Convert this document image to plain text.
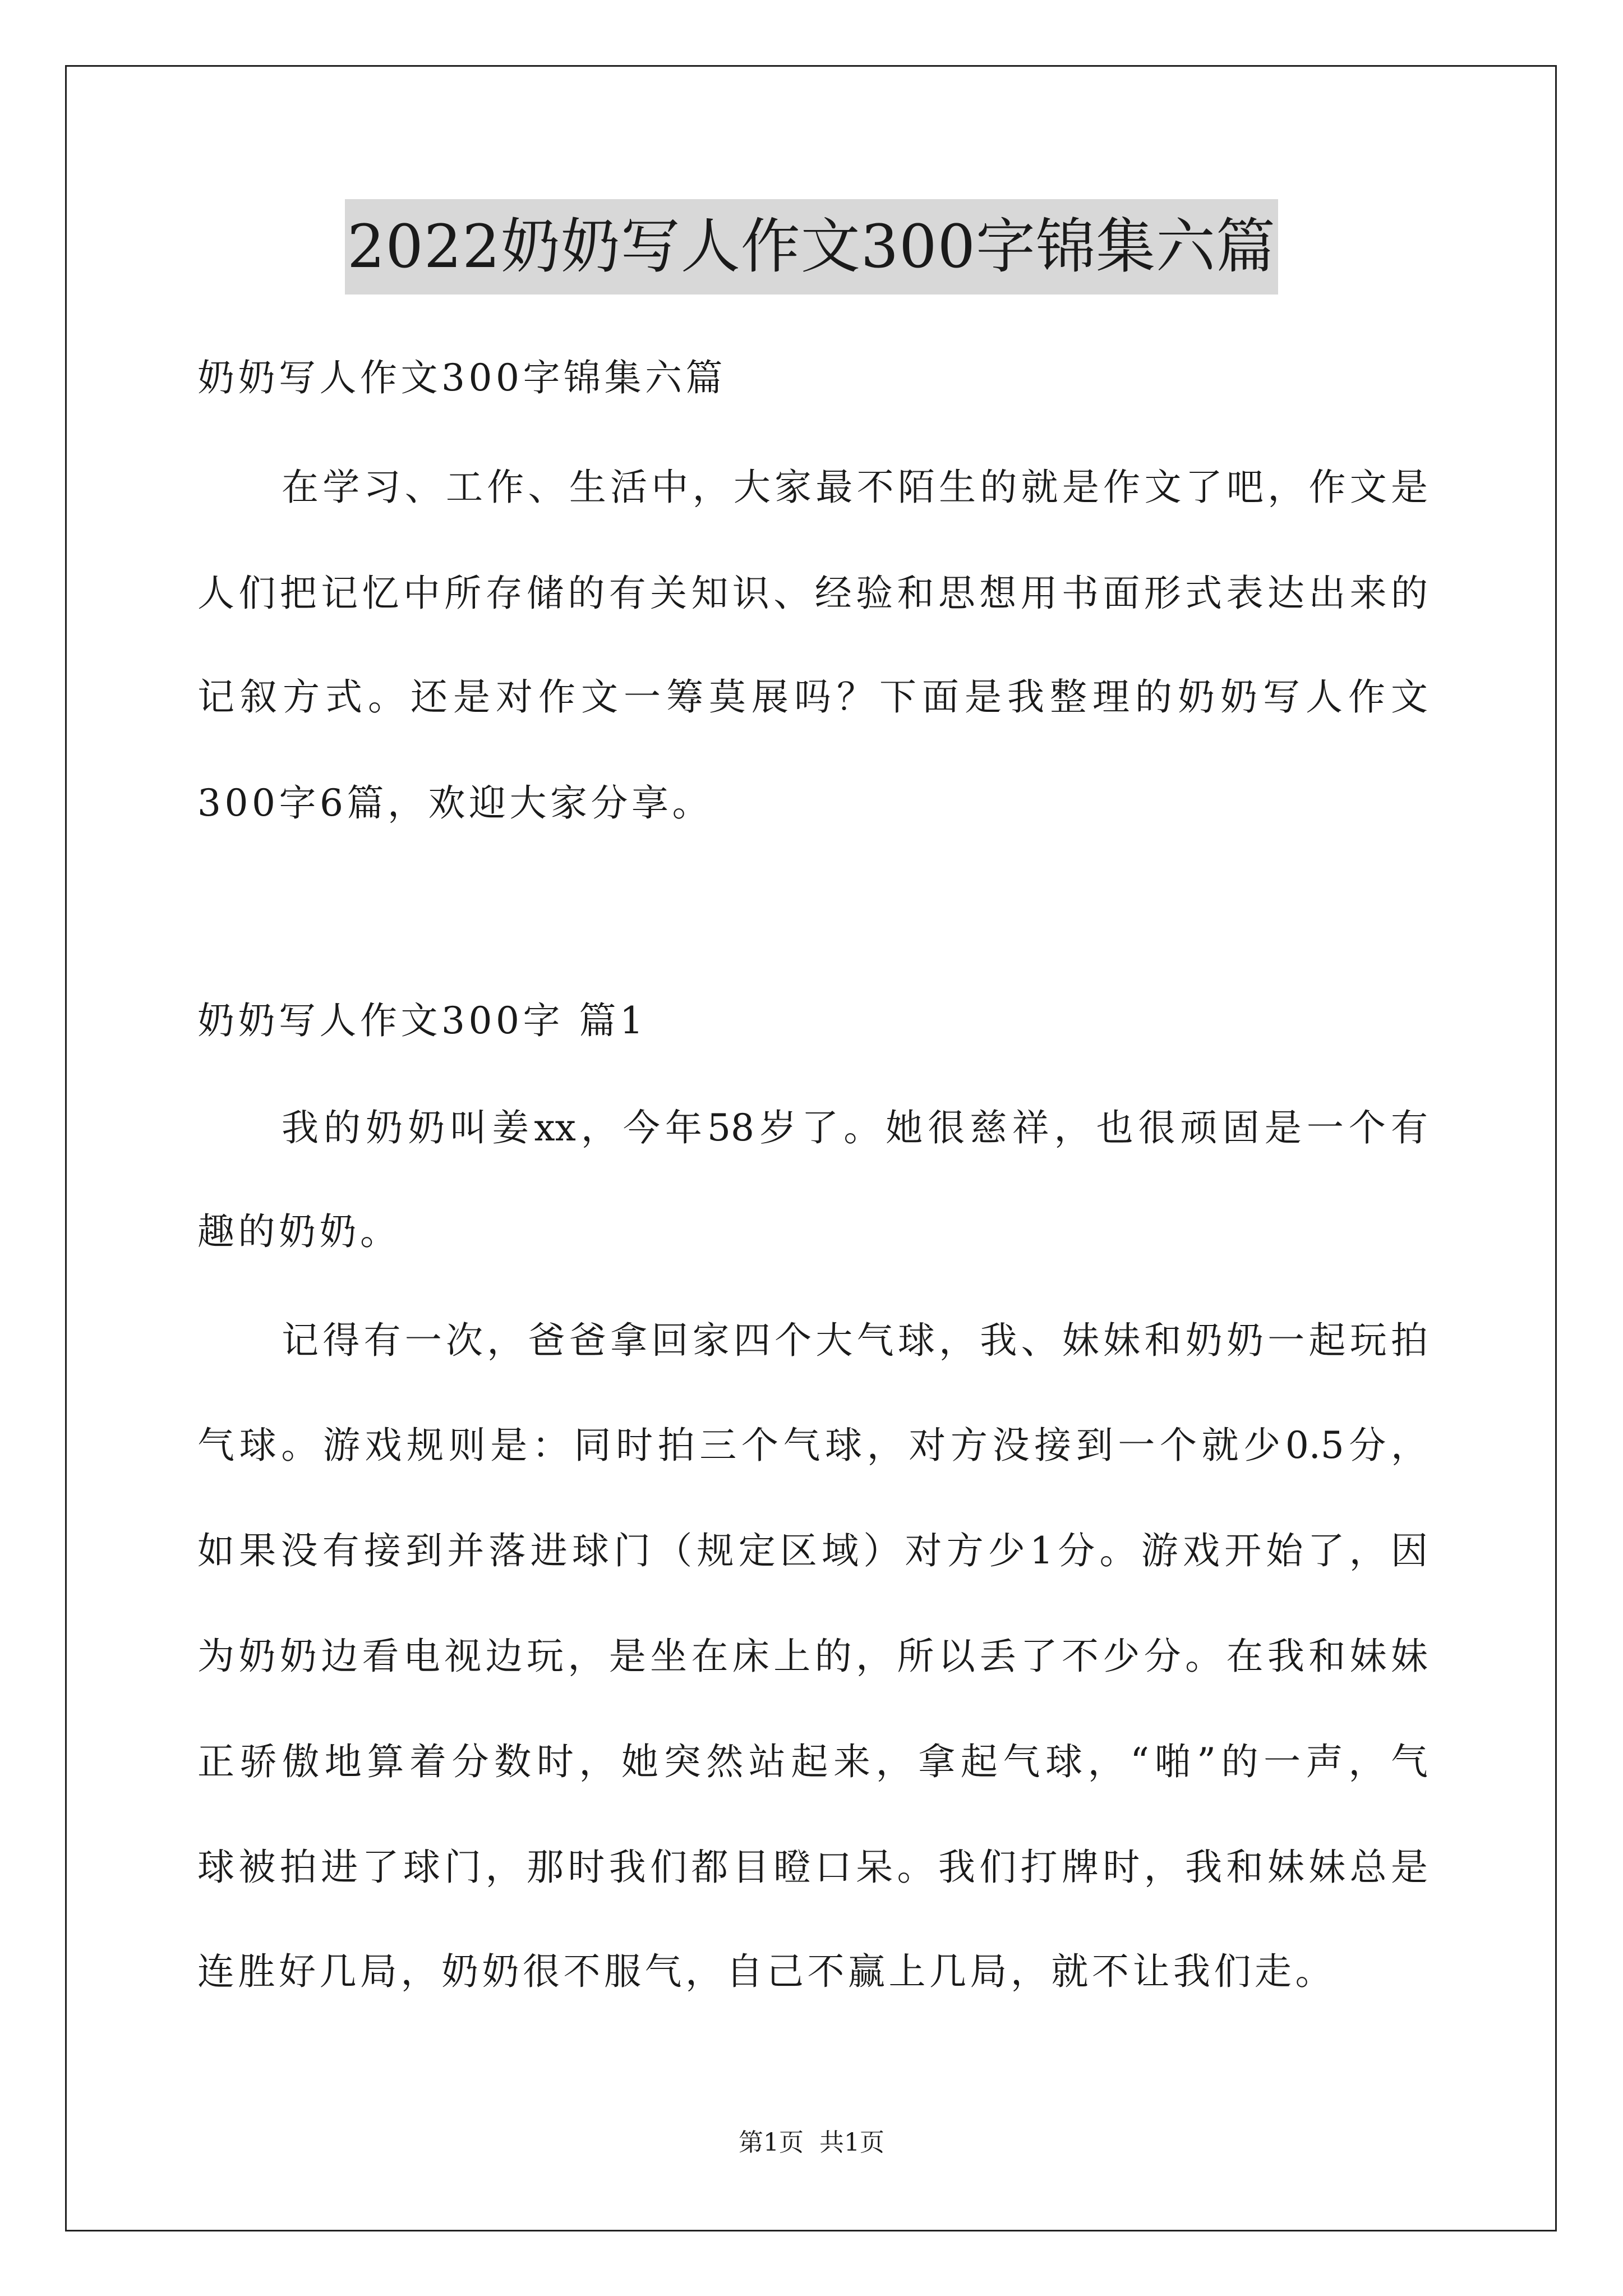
2022奶奶写人作文300字锦集六篇
奶奶写人作文300字锦集六篇
在学习、工作、生活中，大家最不陌生的就是作文了吧，作文是
人们把记忆中所存储的有关知识、经验和思想用书面形式表达出来的
记叙方式。还是对作文一筹莫展吗？下面是我整理的奶奶写人作文
300字6篇，欢迎大家分享。
奶奶写人作文300字 篇1
我的奶奶叫姜xx，今年58岁了。她很慈祥，也很顽固是一个有
趣的奶奶。
记得有一次，爸爸拿回家四个大气球，我、妹妹和奶奶一起玩拍
气球。游戏规则是：同时拍三个气球，对方没接到一个就少0.5分，
如果没有接到并落进球门（规定区域）对方少1分。游戏开始了，因
为奶奶边看电视边玩，是坐在床上的，所以丢了不少分。在我和妹妹
正骄傲地算着分数时，她突然站起来，拿起气球，“啪”的一声，气
球被拍进了球门，那时我们都目瞪口呆。我们打牌时，我和妹妹总是
连胜好几局，奶奶很不服气，自己不赢上几局，就不让我们走。
第1页 共1页
